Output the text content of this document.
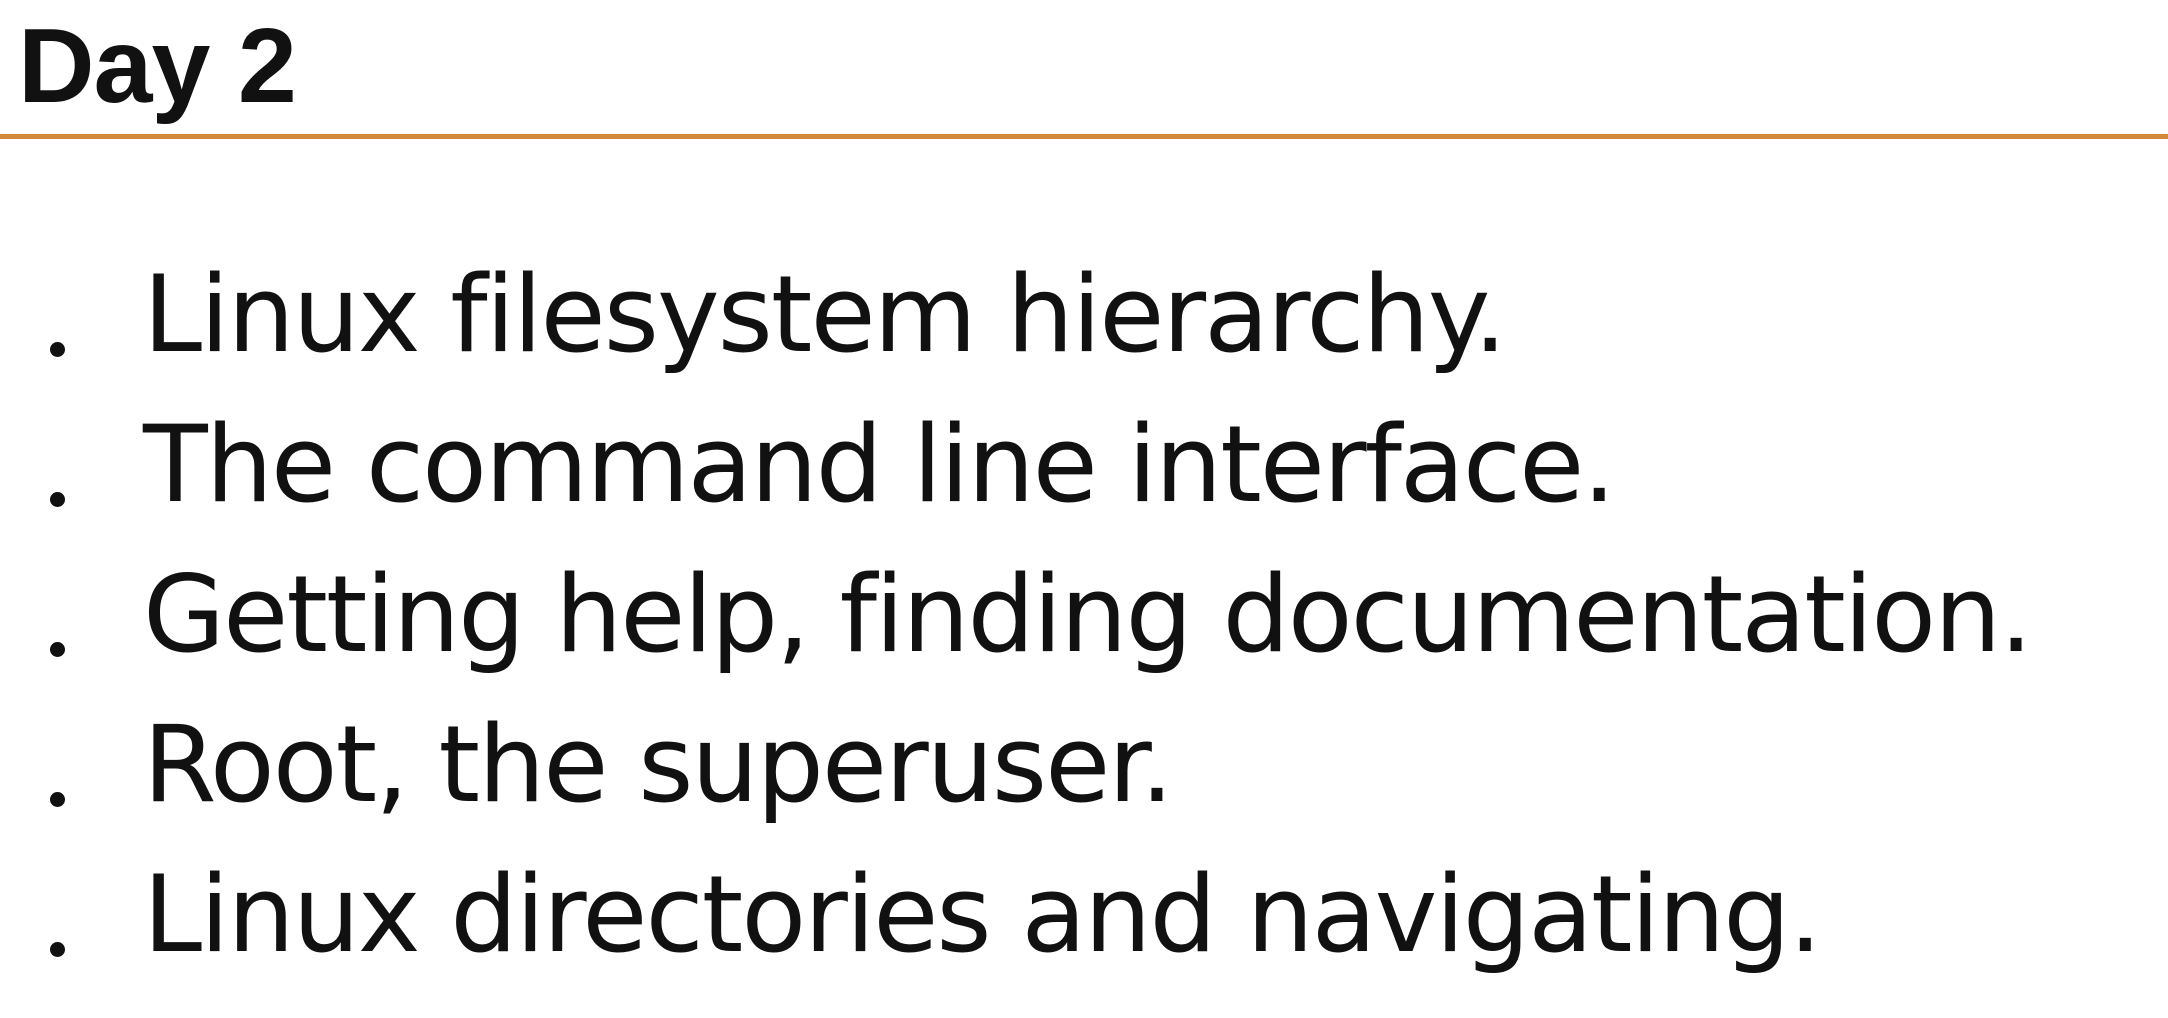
Day 2
Linux filesystem hierarchy.
The command line interface.
Getting help, finding documentation.
Root, the superuser.
Linux directories and navigating.
